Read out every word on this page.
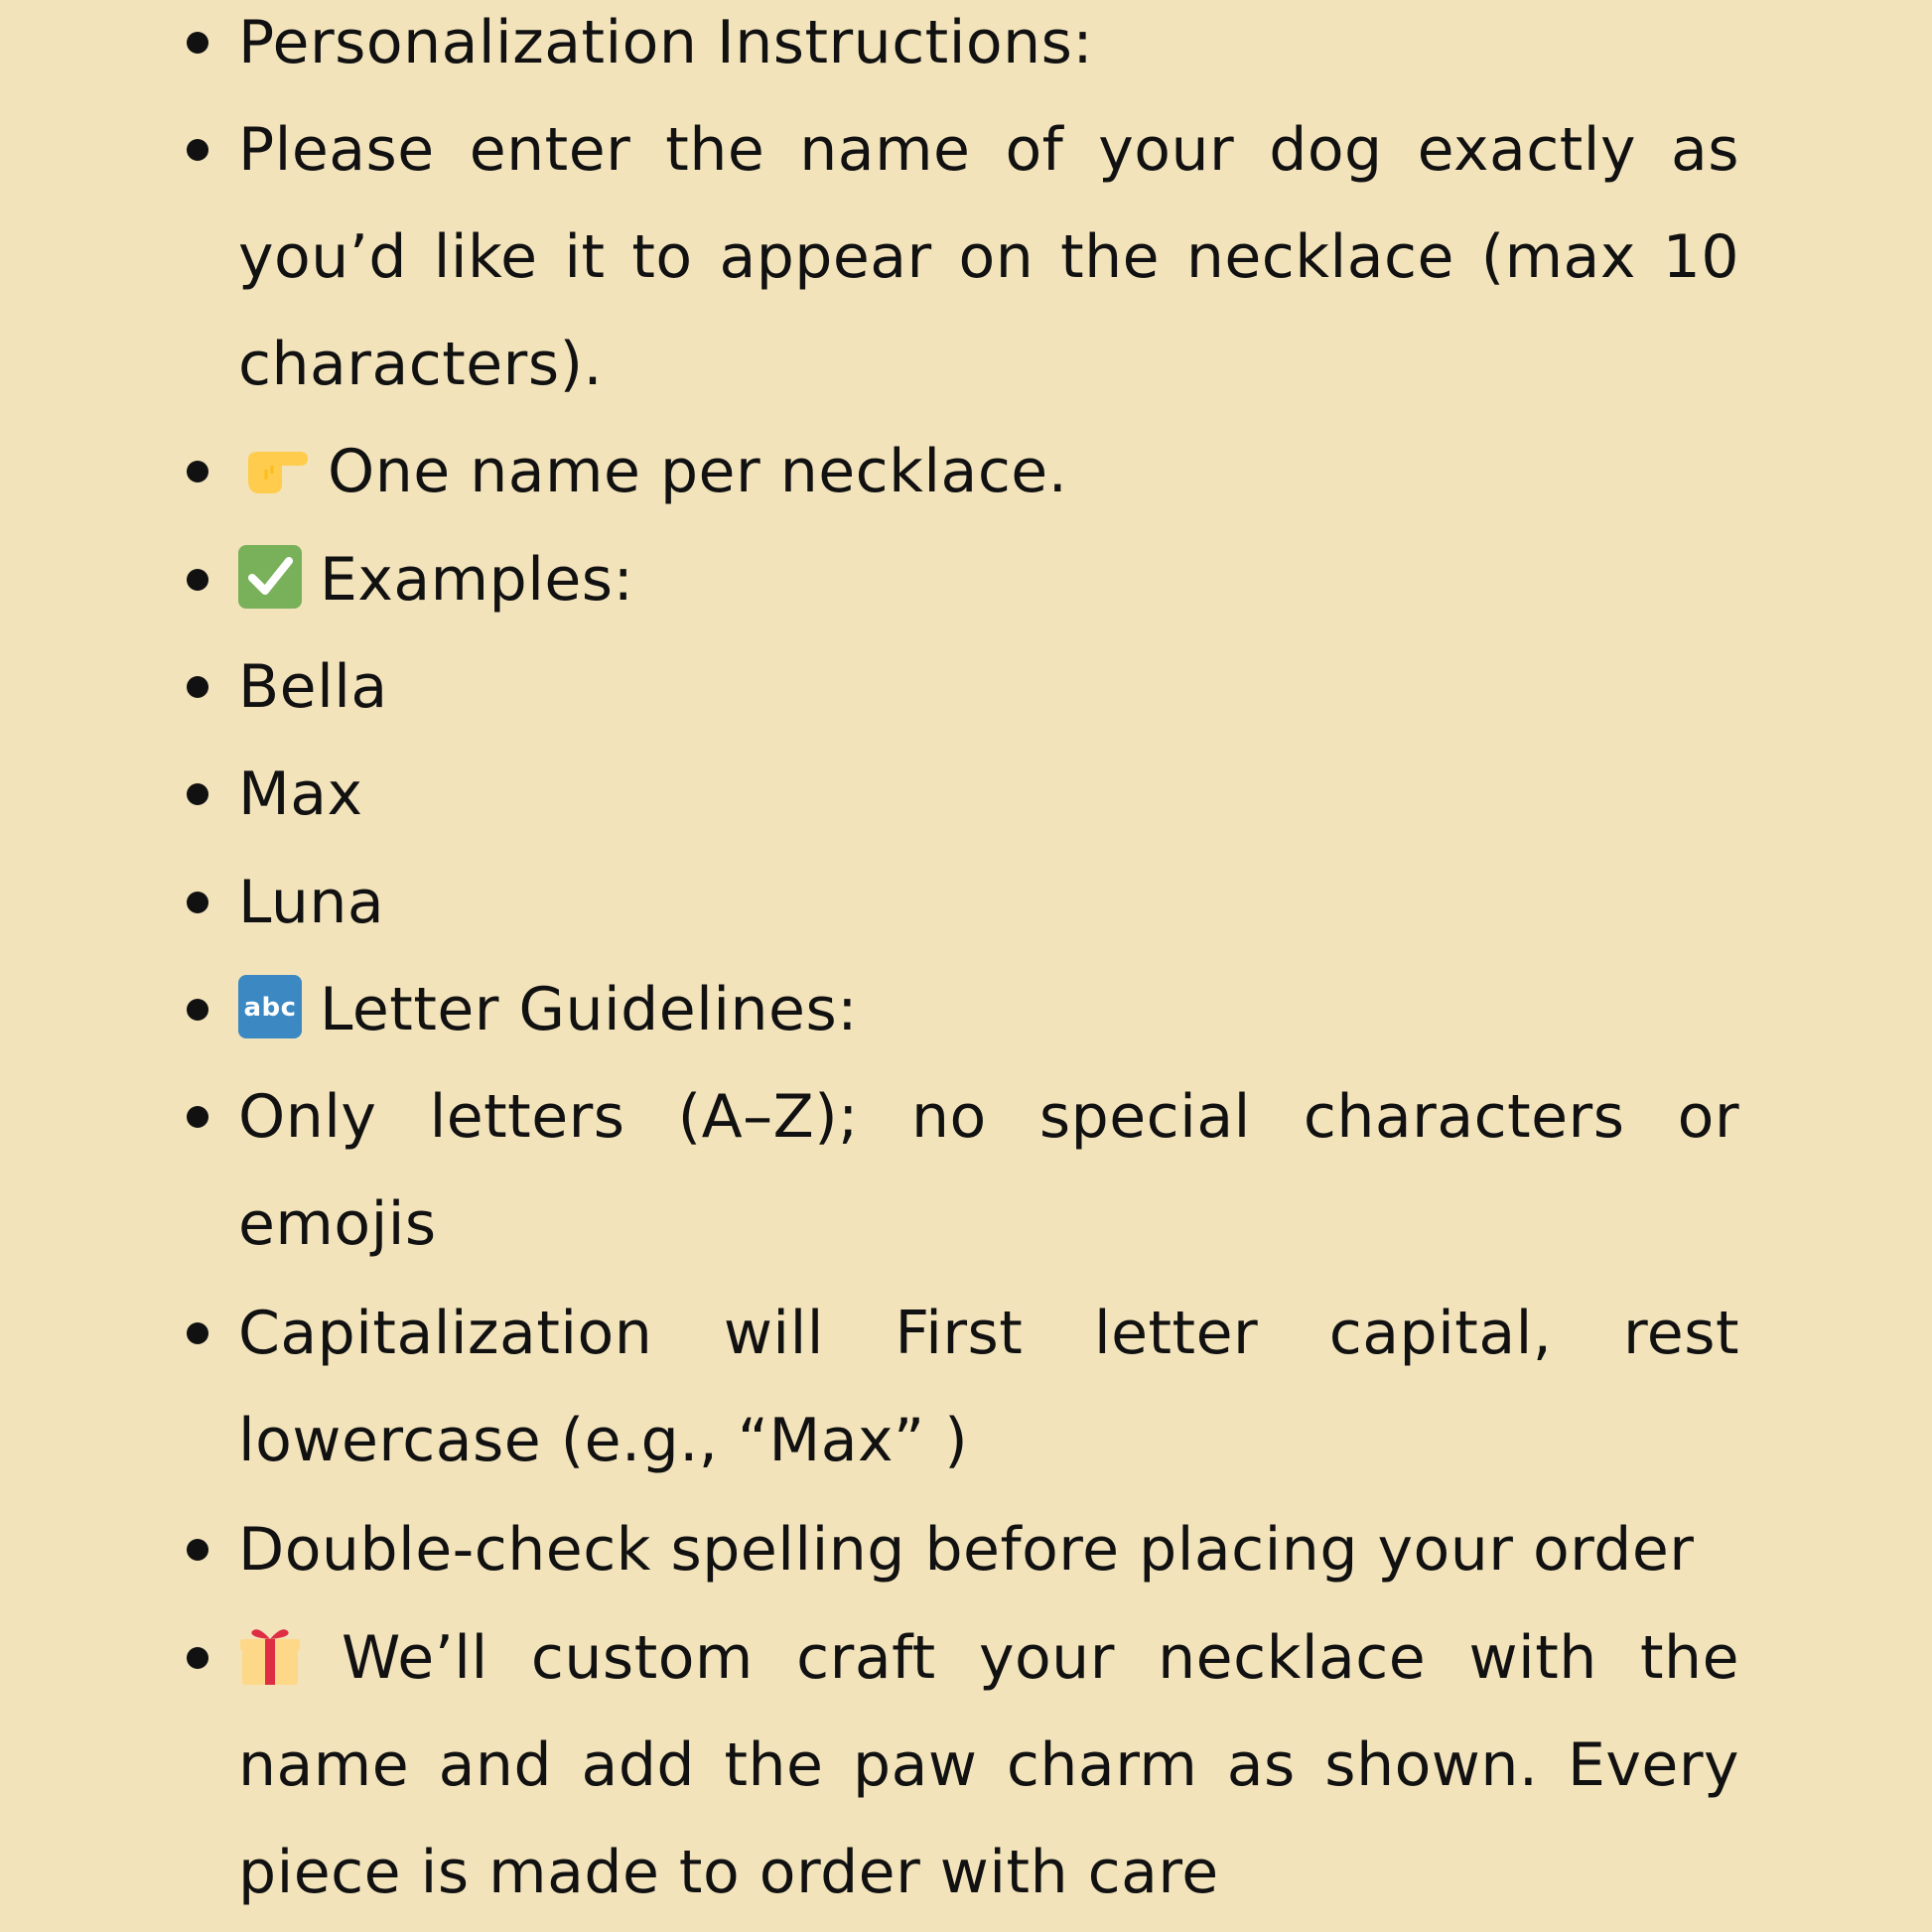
Personalization Instructions:
Please enter the name of your dog exactly as you’d like it to appear on the necklace (max 10 characters).
One name per necklace.
Examples:
Bella
Max
Luna
abc Letter Guidelines:
Only letters (A–Z); no special characters or emojis
Capitalization will First letter capital, rest lowercase (e.g., “Max” )
Double-check spelling before placing your order
We’ll custom craft your necklace with the name and add the paw charm as shown. Every piece is made to order with care
